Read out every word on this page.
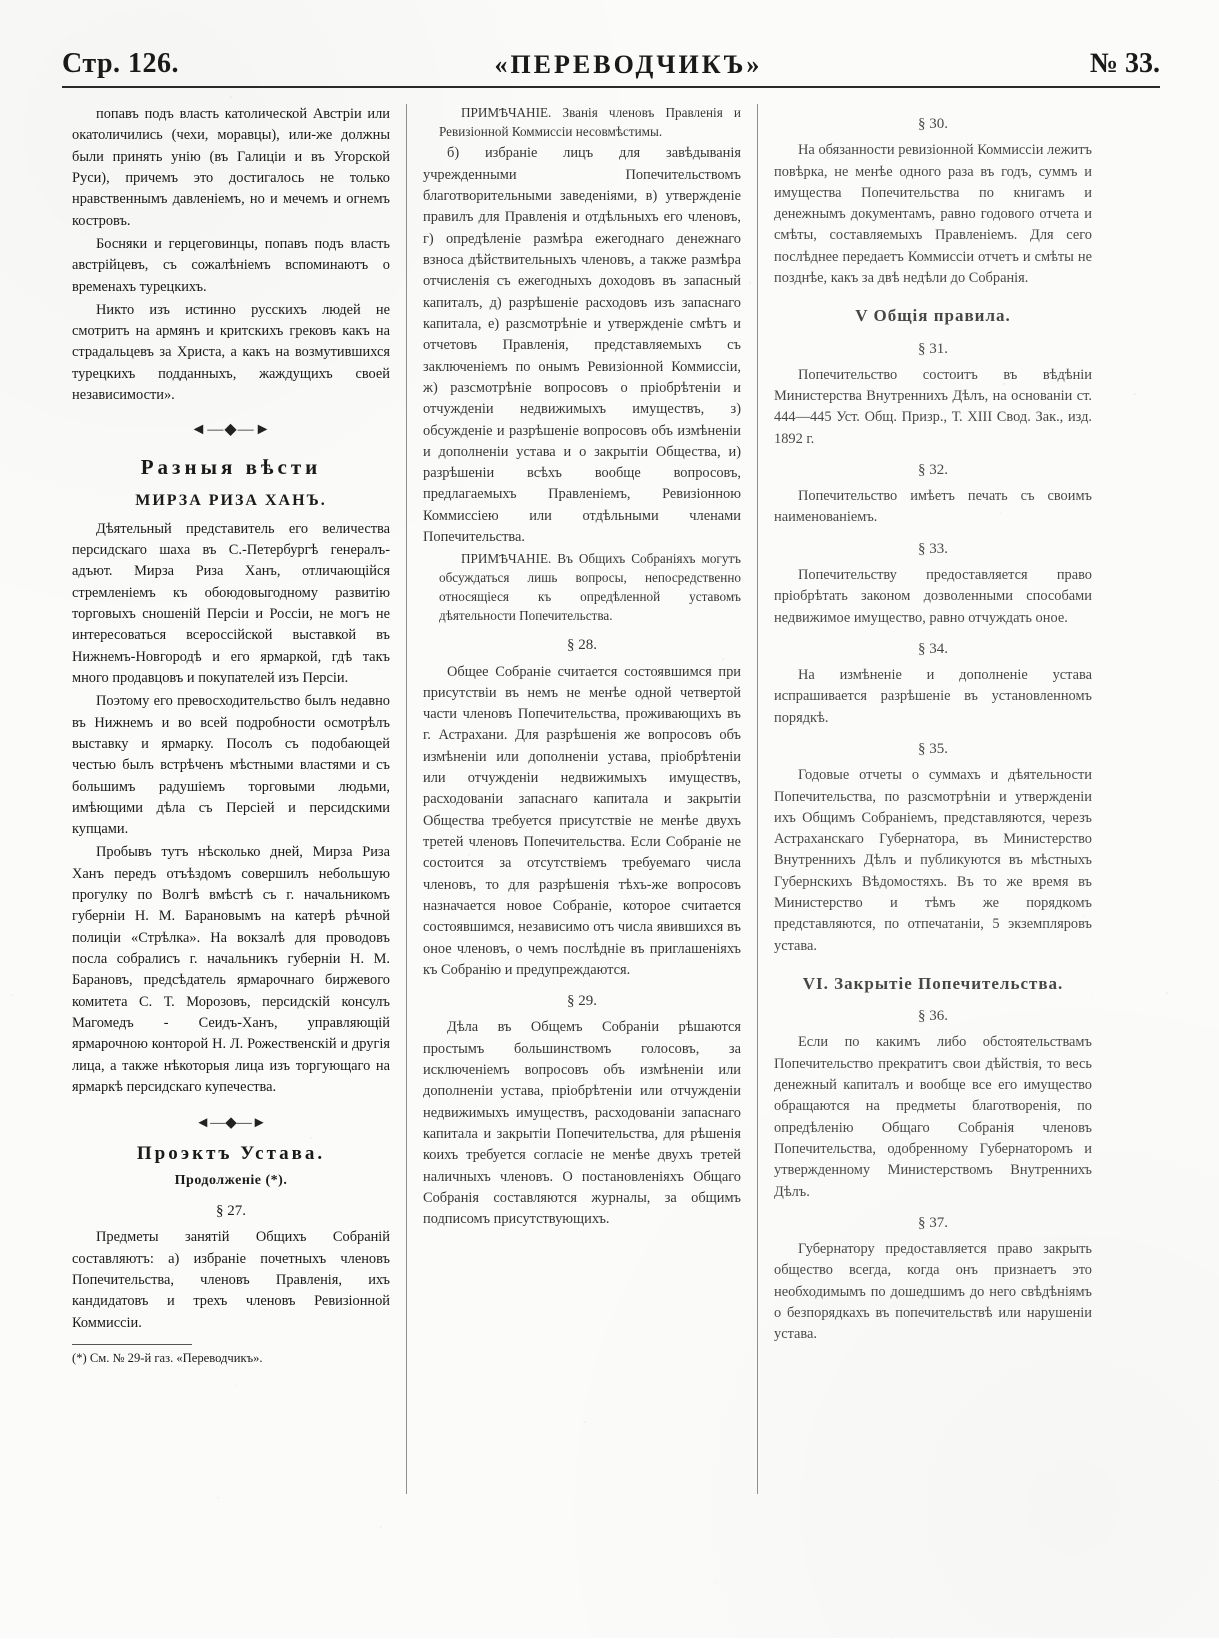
Стр. 126.	«ПЕРЕВОДЧИКЪ»	№ 33.

попавъ подъ власть католической Австріи или окатоличились (чехи, моравцы), или-же должны были принять унію (въ Галиціи и въ Угорской Руси), причемъ это достигалось не только нравственнымъ давленіемъ, но и мечемъ и огнемъ костровъ.

Босняки и герцеговинцы, попавъ подъ власть австрійцевъ, съ сожалѣніемъ вспоминаютъ о временахъ турецкихъ.

Никто изъ истинно русскихъ людей не смотритъ на армянъ и критскихъ грековъ какъ на страдальцевъ за Христа, а какъ на возмутившихся турецкихъ подданныхъ, жаждущихъ своей независимости».

◄—◆—►
Разныя вѣсти
МИРЗА РИЗА ХАНЪ.

Дѣятельный представитель его величества персидскаго шаха въ С.-Петербургѣ генералъ-адъют. Мирза Риза Ханъ, отличающійся стремленіемъ къ обоюдовыгодному развитію торговыхъ сношеній Персіи и Россіи, не могъ не интересоваться всероссійской выставкой въ Нижнемъ-Новгородѣ и его ярмаркой, гдѣ такъ много продавцовъ и покупателей изъ Персіи.

Поэтому его превосходительство былъ недавно въ Нижнемъ и во всей подробности осмотрѣлъ выставку и ярмарку. Посолъ съ подобающей честью былъ встрѣченъ мѣстными властями и съ большимъ радушіемъ торговыми людьми, имѣющими дѣла съ Персіей и персидскими купцами.

Пробывъ тутъ нѣсколько дней, Мирза Риза Ханъ передъ отъѣздомъ совершилъ небольшую прогулку по Волгѣ вмѣстѣ съ г. начальникомъ губерніи Н. М. Барановымъ на катерѣ рѣчной полиціи «Стрѣлка». На вокзалѣ для проводовъ посла собралисъ г. начальникъ губерніи Н. М. Барановъ, предсѣдатель ярмарочнаго биржевого комитета С. Т. Морозовъ, персидскій консулъ Магомедъ - Сеидъ-Ханъ, управляющій ярмарочною конторой Н. Л. Рожественскій и другія лица, а также нѣкоторыя лица изъ торгующаго на ярмаркѣ персидскаго купечества.

◄—◆—►
Проэктъ Устава.
Продолженіе (*).
§ 27.

Предметы занятій Общихъ Собраній составляютъ: а) избраніе почетныхъ членовъ Попечительства, членовъ Правленія, ихъ кандидатовъ и трехъ членовъ Ревизіонной Коммиссіи.

(*) См. № 29-й газ. «Переводчикъ».

ПРИМѢЧАНІЕ. Званія членовъ Правленія и Ревизіонной Коммиссіи несовмѣстимы.

б) избраніе лицъ для завѣдыванія учрежденными Попечительствомъ благотворительными заведеніями, в) утвержденіе правилъ для Правленія и отдѣльныхъ его членовъ, г) опредѣленіе размѣра ежегоднаго денежнаго взноса дѣйствительныхъ членовъ, а также размѣра отчисленія съ ежегодныхъ доходовъ въ запасный капиталъ, д) разрѣшеніе расходовъ изъ запаснаго капитала, е) разсмотрѣніе и утвержденіе смѣтъ и отчетовъ Правленія, представляемыхъ съ заключеніемъ по онымъ Ревизіонной Коммиссіи, ж) разсмотрѣніе вопросовъ о пріобрѣтеніи и отчужденіи недвижимыхъ имуществъ, з) обсужденіе и разрѣшеніе вопросовъ объ измѣненіи и дополненіи устава и о закрытіи Общества, и) разрѣшеніи всѣхъ вообще вопросовъ, предлагаемыхъ Правленіемъ, Ревизіонною Коммиссіею или отдѣльными членами Попечительства.

ПРИМѢЧАНІЕ. Въ Общихъ Собраніяхъ могутъ обсуждаться лишь вопросы, непосредственно относящіеся къ опредѣленной уставомъ дѣятельности Попечительства.

§ 28.

Общее Собраніе считается состоявшимся при присутствіи въ немъ не менѣе одной четвертой части членовъ Попечительства, проживающихъ въ г. Астрахани. Для разрѣшенія же вопросовъ объ измѣненіи или дополненіи устава, пріобрѣтеніи или отчужденіи недвижимыхъ имуществъ, расходованіи запаснаго капитала и закрытіи Общества требуется присутствіе не менѣе двухъ третей членовъ Попечительства. Если Собраніе не состоится за отсутствіемъ требуемаго числа членовъ, то для разрѣшенія тѣхъ-же вопросовъ назначается новое Собраніе, которое считается состоявшимся, независимо отъ числа явившихся въ оное членовъ, о чемъ послѣдніе въ приглашеніяхъ къ Собранію и предупреждаются.

§ 29.

Дѣла въ Общемъ Собраніи рѣшаются простымъ большинствомъ голосовъ, за исключеніемъ вопросовъ объ измѣненіи или дополненіи устава, пріобрѣтеніи или отчужденіи недвижимыхъ имуществъ, расходованіи запаснаго капитала и закрытіи Попечительства, для рѣшенія коихъ требуется согласіе не менѣе двухъ третей наличныхъ членовъ. О постановленіяхъ Общаго Собранія составляются журналы, за общимъ подписомъ присутствующихъ.

§ 30.

На обязанности ревизіонной Коммиссіи лежитъ повѣрка, не менѣе одного раза въ годъ, суммъ и имущества Попечительства по книгамъ и денежнымъ документамъ, равно годового отчета и смѣты, составляемыхъ Правленіемъ. Для сего послѣднее передаетъ Коммиссіи отчетъ и смѣты не позднѣе, какъ за двѣ недѣли до Собранія.

V Общія правила.
§ 31.

Попечительство состоитъ въ вѣдѣніи Министерства Внутреннихъ Дѣлъ, на основаніи ст. 444—445 Уст. Общ. Призр., Т. XIII Свод. Зак., изд. 1892 г.

§ 32.

Попечительство имѣетъ печать съ своимъ наименованіемъ.

§ 33.

Попечительству предоставляется право пріобрѣтать законом дозволенными способами недвижимое имущество, равно отчуждать оное.

§ 34.

На измѣненіе и дополненіе устава испрашивается разрѣшеніе въ установленномъ порядкѣ.

§ 35.

Годовые отчеты о суммахъ и дѣятельности Попечительства, по разсмотрѣніи и утвержденіи ихъ Общимъ Собраніемъ, представляются, черезъ Астраханскаго Губернатора, въ Министерство Внутреннихъ Дѣлъ и публикуются въ мѣстныхъ Губернскихъ Вѣдомостяхъ. Въ то же время въ Министерство и тѣмъ же порядкомъ представляются, по отпечатаніи, 5 экземпляровъ устава.

VI. Закрытіе Попечительства.
§ 36.

Если по какимъ либо обстоятельствамъ Попечительство прекратитъ свои дѣйствія, то весь денежный капиталъ и вообще все его имущество обращаются на предметы благотворенія, по опредѣленію Общаго Собранія членовъ Попечительства, одобренному Губернаторомъ и утвержденному Министерствомъ Внутреннихъ Дѣлъ.

§ 37.

Губернатору предоставляется право закрыть общество всегда, когда онъ признаетъ это необходимымъ по дошедшимъ до него свѣдѣніямъ о безпорядкахъ въ попечительствѣ или нарушеніи устава.
